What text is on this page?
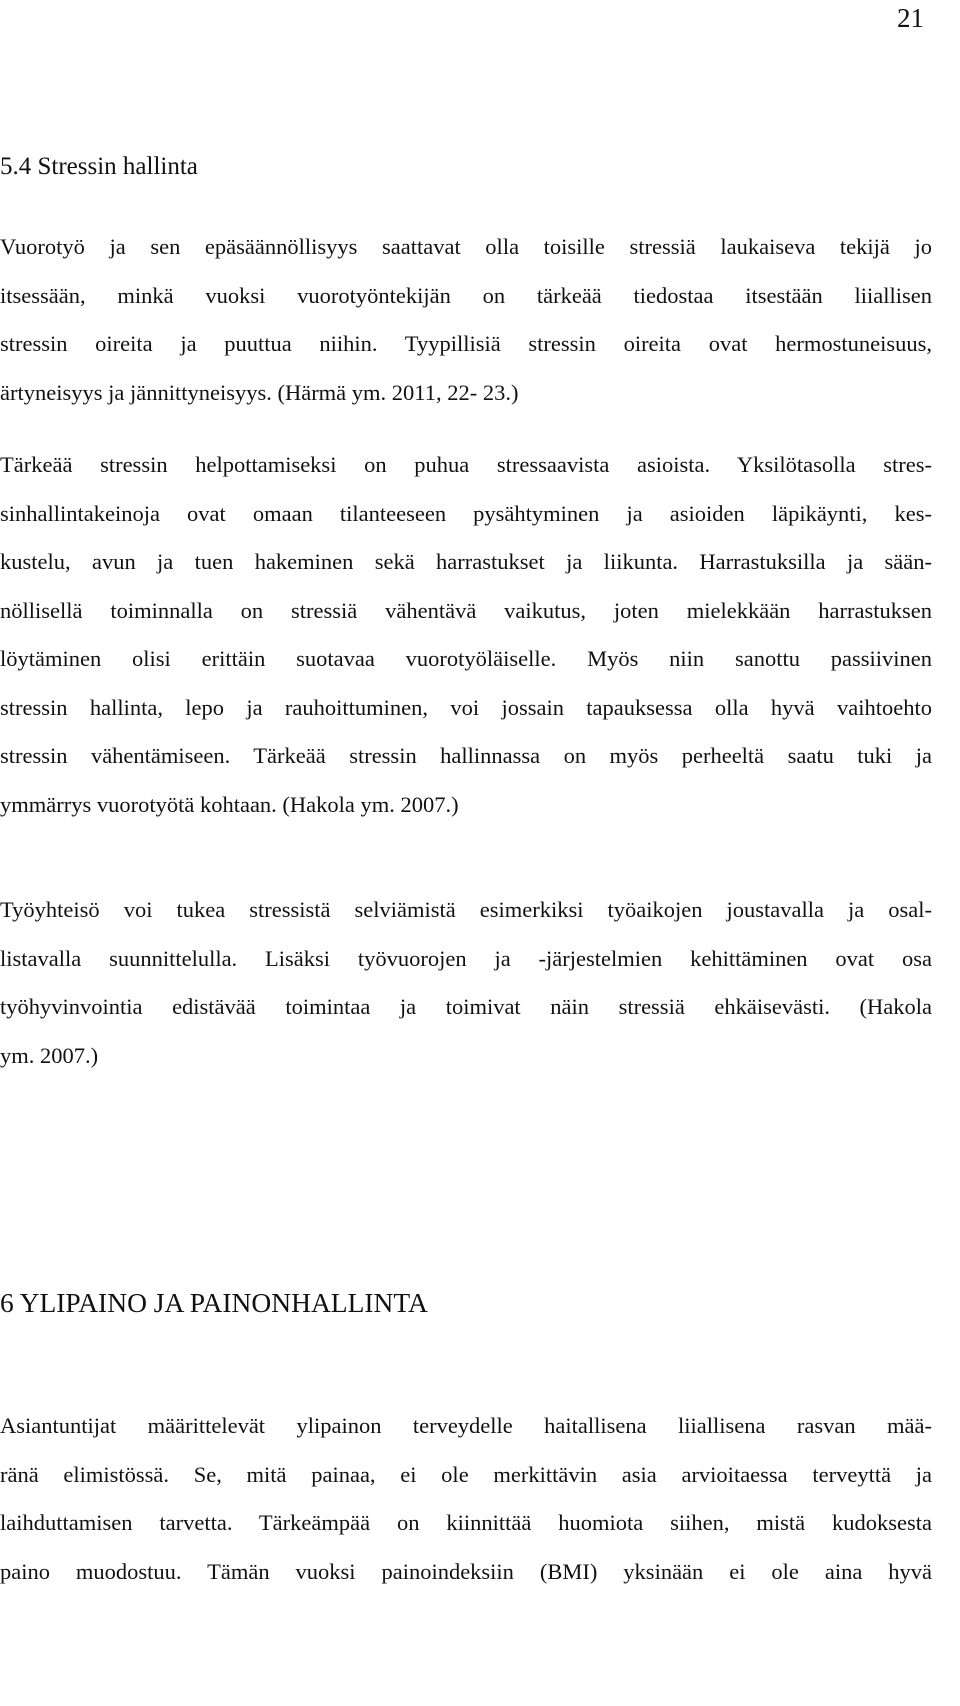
21
5.4 Stressin hallinta

Vuorotyö ja sen epäsäännöllisyys saattavat olla toisille stressiä laukaiseva tekijä jo
itsessään, minkä vuoksi vuorotyöntekijän on tärkeää tiedostaa itsestään liiallisen
stressin oireita ja puuttua niihin. Tyypillisiä stressin oireita ovat hermostuneisuus,
ärtyneisyys ja jännittyneisyys. (Härmä ym. 2011, 22- 23.)

Tärkeää stressin helpottamiseksi on puhua stressaavista asioista. Yksilötasolla stres-
sinhallintakeinoja ovat omaan tilanteeseen pysähtyminen ja asioiden läpikäynti, kes-
kustelu, avun ja tuen hakeminen sekä harrastukset ja liikunta. Harrastuksilla ja sään-
nöllisellä toiminnalla on stressiä vähentävä vaikutus, joten mielekkään harrastuksen
löytäminen olisi erittäin suotavaa vuorotyöläiselle. Myös niin sanottu passiivinen
stressin hallinta, lepo ja rauhoittuminen, voi jossain tapauksessa olla hyvä vaihtoehto
stressin vähentämiseen. Tärkeää stressin hallinnassa on myös perheeltä saatu tuki ja
ymmärrys vuorotyötä kohtaan. (Hakola ym. 2007.)

Työyhteisö voi tukea stressistä selviämistä esimerkiksi työaikojen joustavalla ja osal-
listavalla suunnittelulla. Lisäksi työvuorojen ja -järjestelmien kehittäminen ovat osa
työhyvinvointia edistävää toimintaa ja toimivat näin stressiä ehkäisevästi. (Hakola
ym. 2007.)

6 YLIPAINO JA PAINONHALLINTA

Asiantuntijat määrittelevät ylipainon terveydelle haitallisena liiallisena rasvan mää-
ränä elimistössä. Se, mitä painaa, ei ole merkittävin asia arvioitaessa terveyttä ja
laihduttamisen tarvetta. Tärkeämpää on kiinnittää huomiota siihen, mistä kudoksesta
paino muodostuu. Tämän vuoksi painoindeksiin (BMI) yksinään ei ole aina hyvä
